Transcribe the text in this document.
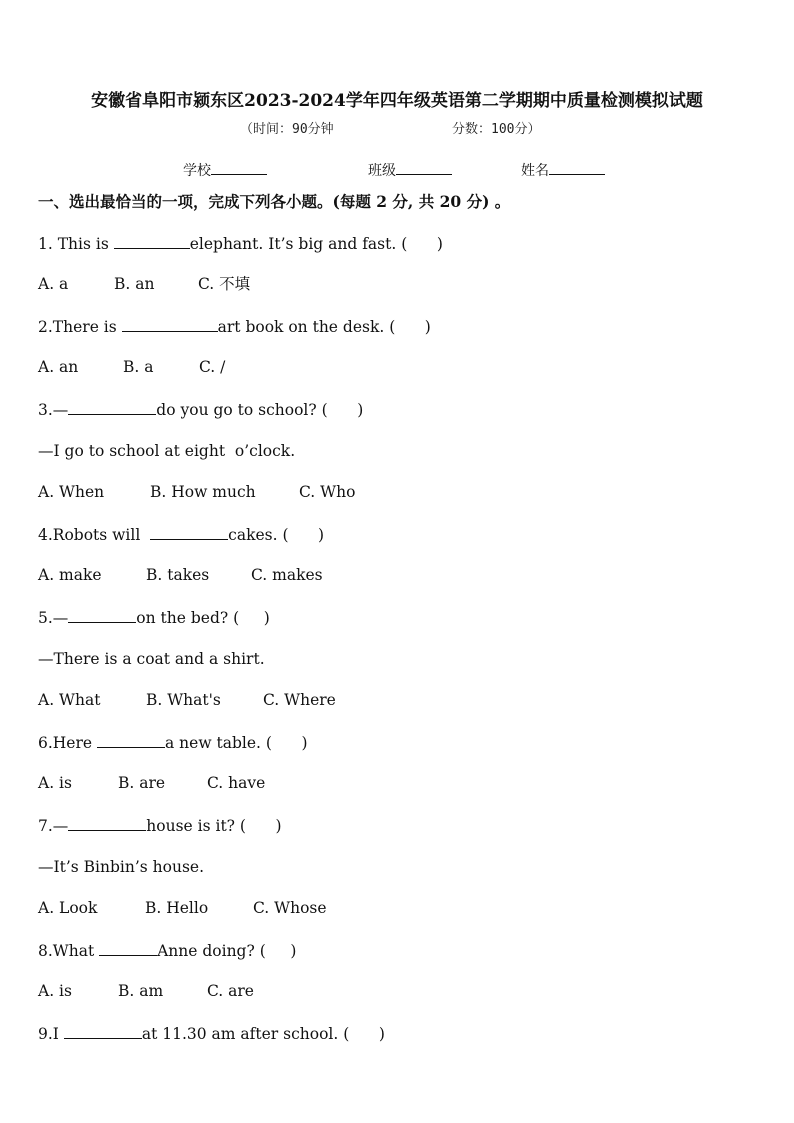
安徽省阜阳市颍东区2023-2024学年四年级英语第二学期期中质量检测模拟试题
（时间：90分钟	分数：100分）
学校	班级	姓名
一、选出最恰当的一项，完成下列各小题。(每题 2 分, 共 20 分) 。
1. This is	elephant. It’s big and fast. (      )

A. a

	B. an

	C. 不填

2.There is	art book on the desk. (      )

A. an

	B. a

	C. /

3.—	do you go to school? (      )
—I go to school at eight  o’clock.

A. When

	B. How much

	C. Who

4.Robots will	cakes. (      )

A. make

	B. takes

	C. makes

5.—	on the bed? (     )
—There is a coat and a shirt.

A. What

	B. What's

	C. Where

6.Here	a new table. (      )

A. is

	B. are

	C. have

7.—	house is it? (      )
—It’s Binbin’s house.

A. Look

	B. Hello

	C. Whose

8.What	Anne doing? (     )

A. is

	B. am

	C. are

9.I	at 11.30 am after school. (      )
